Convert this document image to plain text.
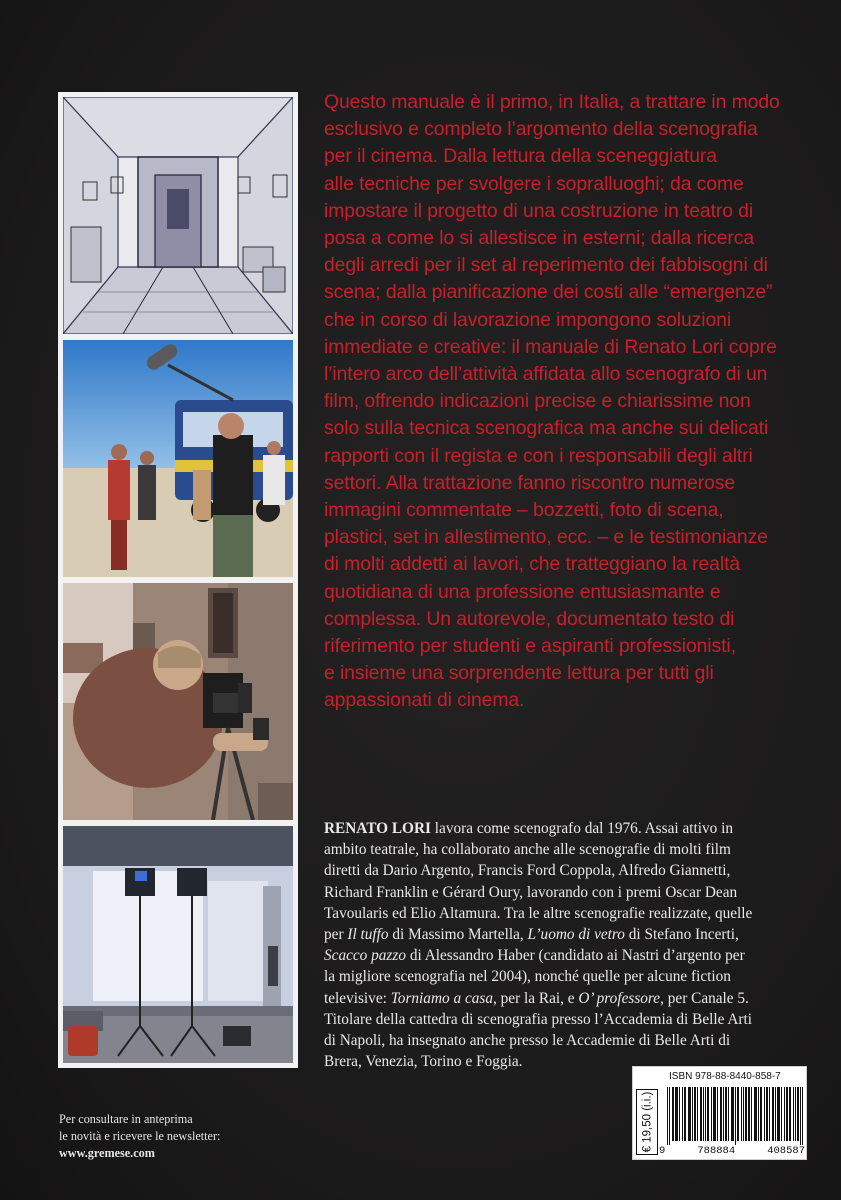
Questo manuale è il primo, in Italia, a trattare in modo
esclusivo e completo l’argomento della scenografia
per il cinema. Dalla lettura della sceneggiatura
alle tecniche per svolgere i sopralluoghi; da come
impostare il progetto di una costruzione in teatro di
posa a come lo si allestisce in esterni; dalla ricerca
degli arredi per il set al reperimento dei fabbisogni di
scena; dalla pianificazione dei costi alle “emergenze”
che in corso di lavorazione impongono soluzioni
immediate e creative: il manuale di Renato Lori copre
l’intero arco dell’attività affidata allo scenografo di un
film, offrendo indicazioni precise e chiarissime non
solo sulla tecnica scenografica ma anche sui delicati
rapporti con il regista e con i responsabili degli altri
settori. Alla trattazione fanno riscontro numerose
immagini commentate – bozzetti, foto di scena,
plastici, set in allestimento, ecc. – e le testimonianze
di molti addetti ai lavori, che tratteggiano la realtà
quotidiana di una professione entusiasmante e
complessa. Un autorevole, documentato testo di
riferimento per studenti e aspiranti professionisti,
e insieme una sorprendente lettura per tutti gli
appassionati di cinema.
RENATO LORI lavora come scenografo dal 1976. Assai attivo in
ambito teatrale, ha collaborato anche alle scenografie di molti film
diretti da Dario Argento, Francis Ford Coppola, Alfredo Giannetti,
Richard Franklin e Gérard Oury, lavorando con i premi Oscar Dean
Tavoularis ed Elio Altamura. Tra le altre scenografie realizzate, quelle
per Il tuffo di Massimo Martella, L’uomo di vetro di Stefano Incerti,
Scacco pazzo di Alessandro Haber (candidato ai Nastri d’argento per
la migliore scenografia nel 2004), nonché quelle per alcune fiction
televisive: Torniamo a casa, per la Rai, e O’ professore, per Canale 5.
Titolare della cattedra di scenografia presso l’Accademia di Belle Arti
di Napoli, ha insegnato anche presso le Accademie di Belle Arti di
Brera, Venezia, Torino e Foggia.
Per consultare in anteprima
le novità e ricevere le newsletter:
www.gremese.com
ISBN 978-88-8440-858-7
€ 19,50 (i.i.) 9	788884	408587
